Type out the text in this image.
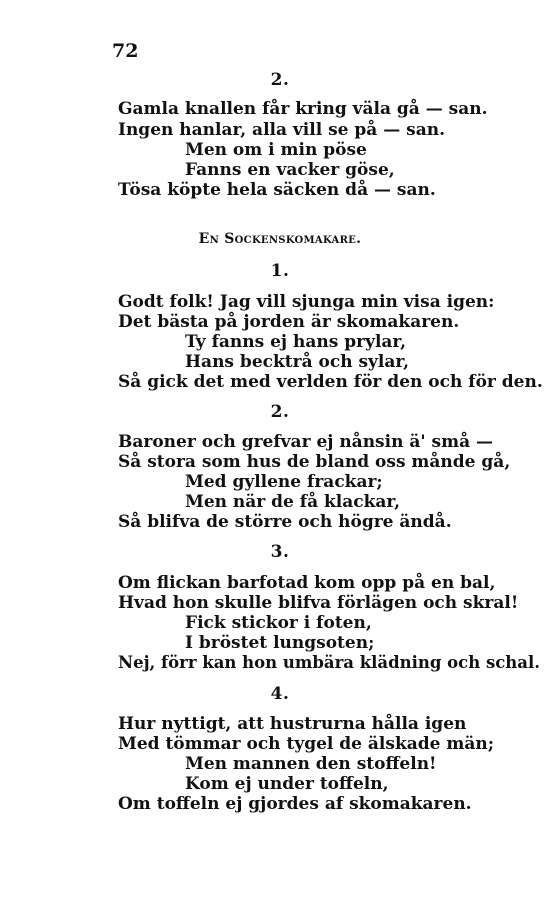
72
2.
Gamla knallen får kring väla gå — san.
Ingen hanlar, alla vill se på — san.
Men om i min pöse
Fanns en vacker göse,
Tösa köpte hela säcken då — san.
En Sockenskomakare.
1.
Godt folk! Jag vill sjunga min visa igen:
Det bästa på jorden är skomakaren.
Ty fanns ej hans prylar,
Hans becktrå och sylar,
Så gick det med verlden för den och för den.
2.
Baroner och grefvar ej nånsin ä' små —
Så stora som hus de bland oss månde gå,
Med gyllene frackar;
Men när de få klackar,
Så blifva de större och högre ändå.
3.
Om flickan barfotad kom opp på en bal,
Hvad hon skulle blifva förlägen och skral!
Fick stickor i foten,
I bröstet lungsoten;
Nej, förr kan hon umbära klädning och schal.
4.
Hur nyttigt, att hustrurna hålla igen
Med tömmar och tygel de älskade män;
Men mannen den stoffeln!
Kom ej under toffeln,
Om toffeln ej gjordes af skomakaren.
